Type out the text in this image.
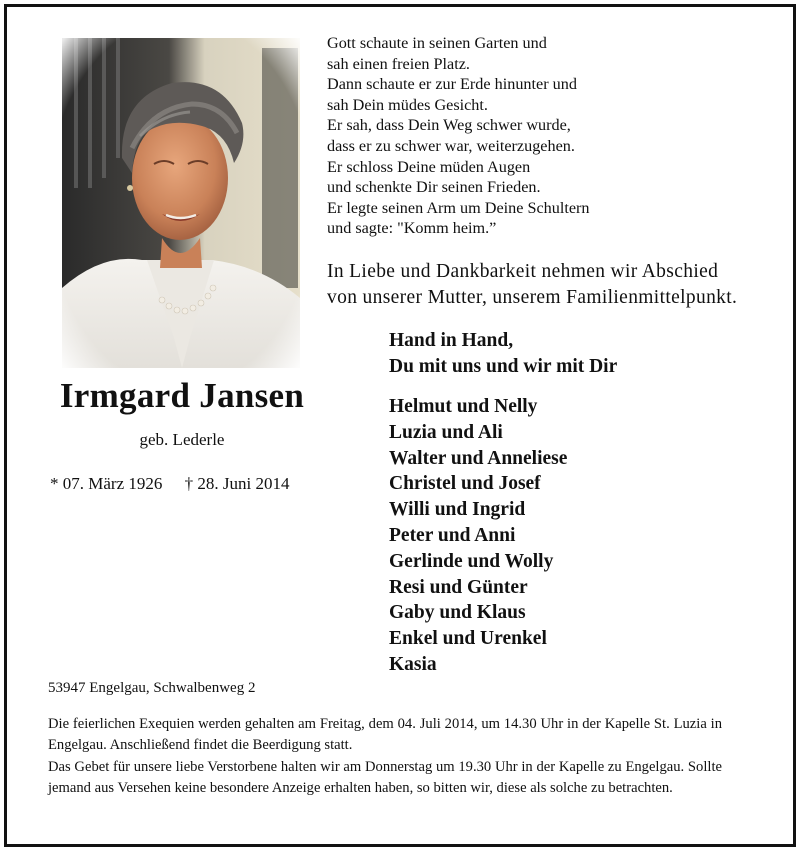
Irmgard Jansen
geb. Lederle
* 07. März 1926 † 28. Juni 2014
Gott schaute in seinen Garten und
sah einen freien Platz.
Dann schaute er zur Erde hinunter und
sah Dein müdes Gesicht.
Er sah, dass Dein Weg schwer wurde,
dass er zu schwer war, weiterzugehen.
Er schloss Deine müden Augen
und schenkte Dir seinen Frieden.
Er legte seinen Arm um Deine Schultern
und sagte: "Komm heim.”
In Liebe und Dankbarkeit nehmen wir Abschied
von unserer Mutter, unserem Familienmittelpunkt.
Hand in Hand,
Du mit uns und wir mit Dir
Helmut und Nelly
Luzia und Ali
Walter und Anneliese
Christel und Josef
Willi und Ingrid
Peter und Anni
Gerlinde und Wolly
Resi und Günter
Gaby und Klaus
Enkel und Urenkel
Kasia
53947 Engelgau, Schwalbenweg 2

Die feierlichen Exequien werden gehalten am Freitag, dem 04. Juli 2014, um 14.30 Uhr in der Kapelle St. Luzia in Engelgau. Anschließend findet die Beerdigung statt.

Das Gebet für unsere liebe Verstorbene halten wir am Donnerstag um 19.30 Uhr in der Kapelle zu Engelgau. Sollte jemand aus Versehen keine besondere Anzeige erhalten haben, so bitten wir, diese als solche zu betrachten.
